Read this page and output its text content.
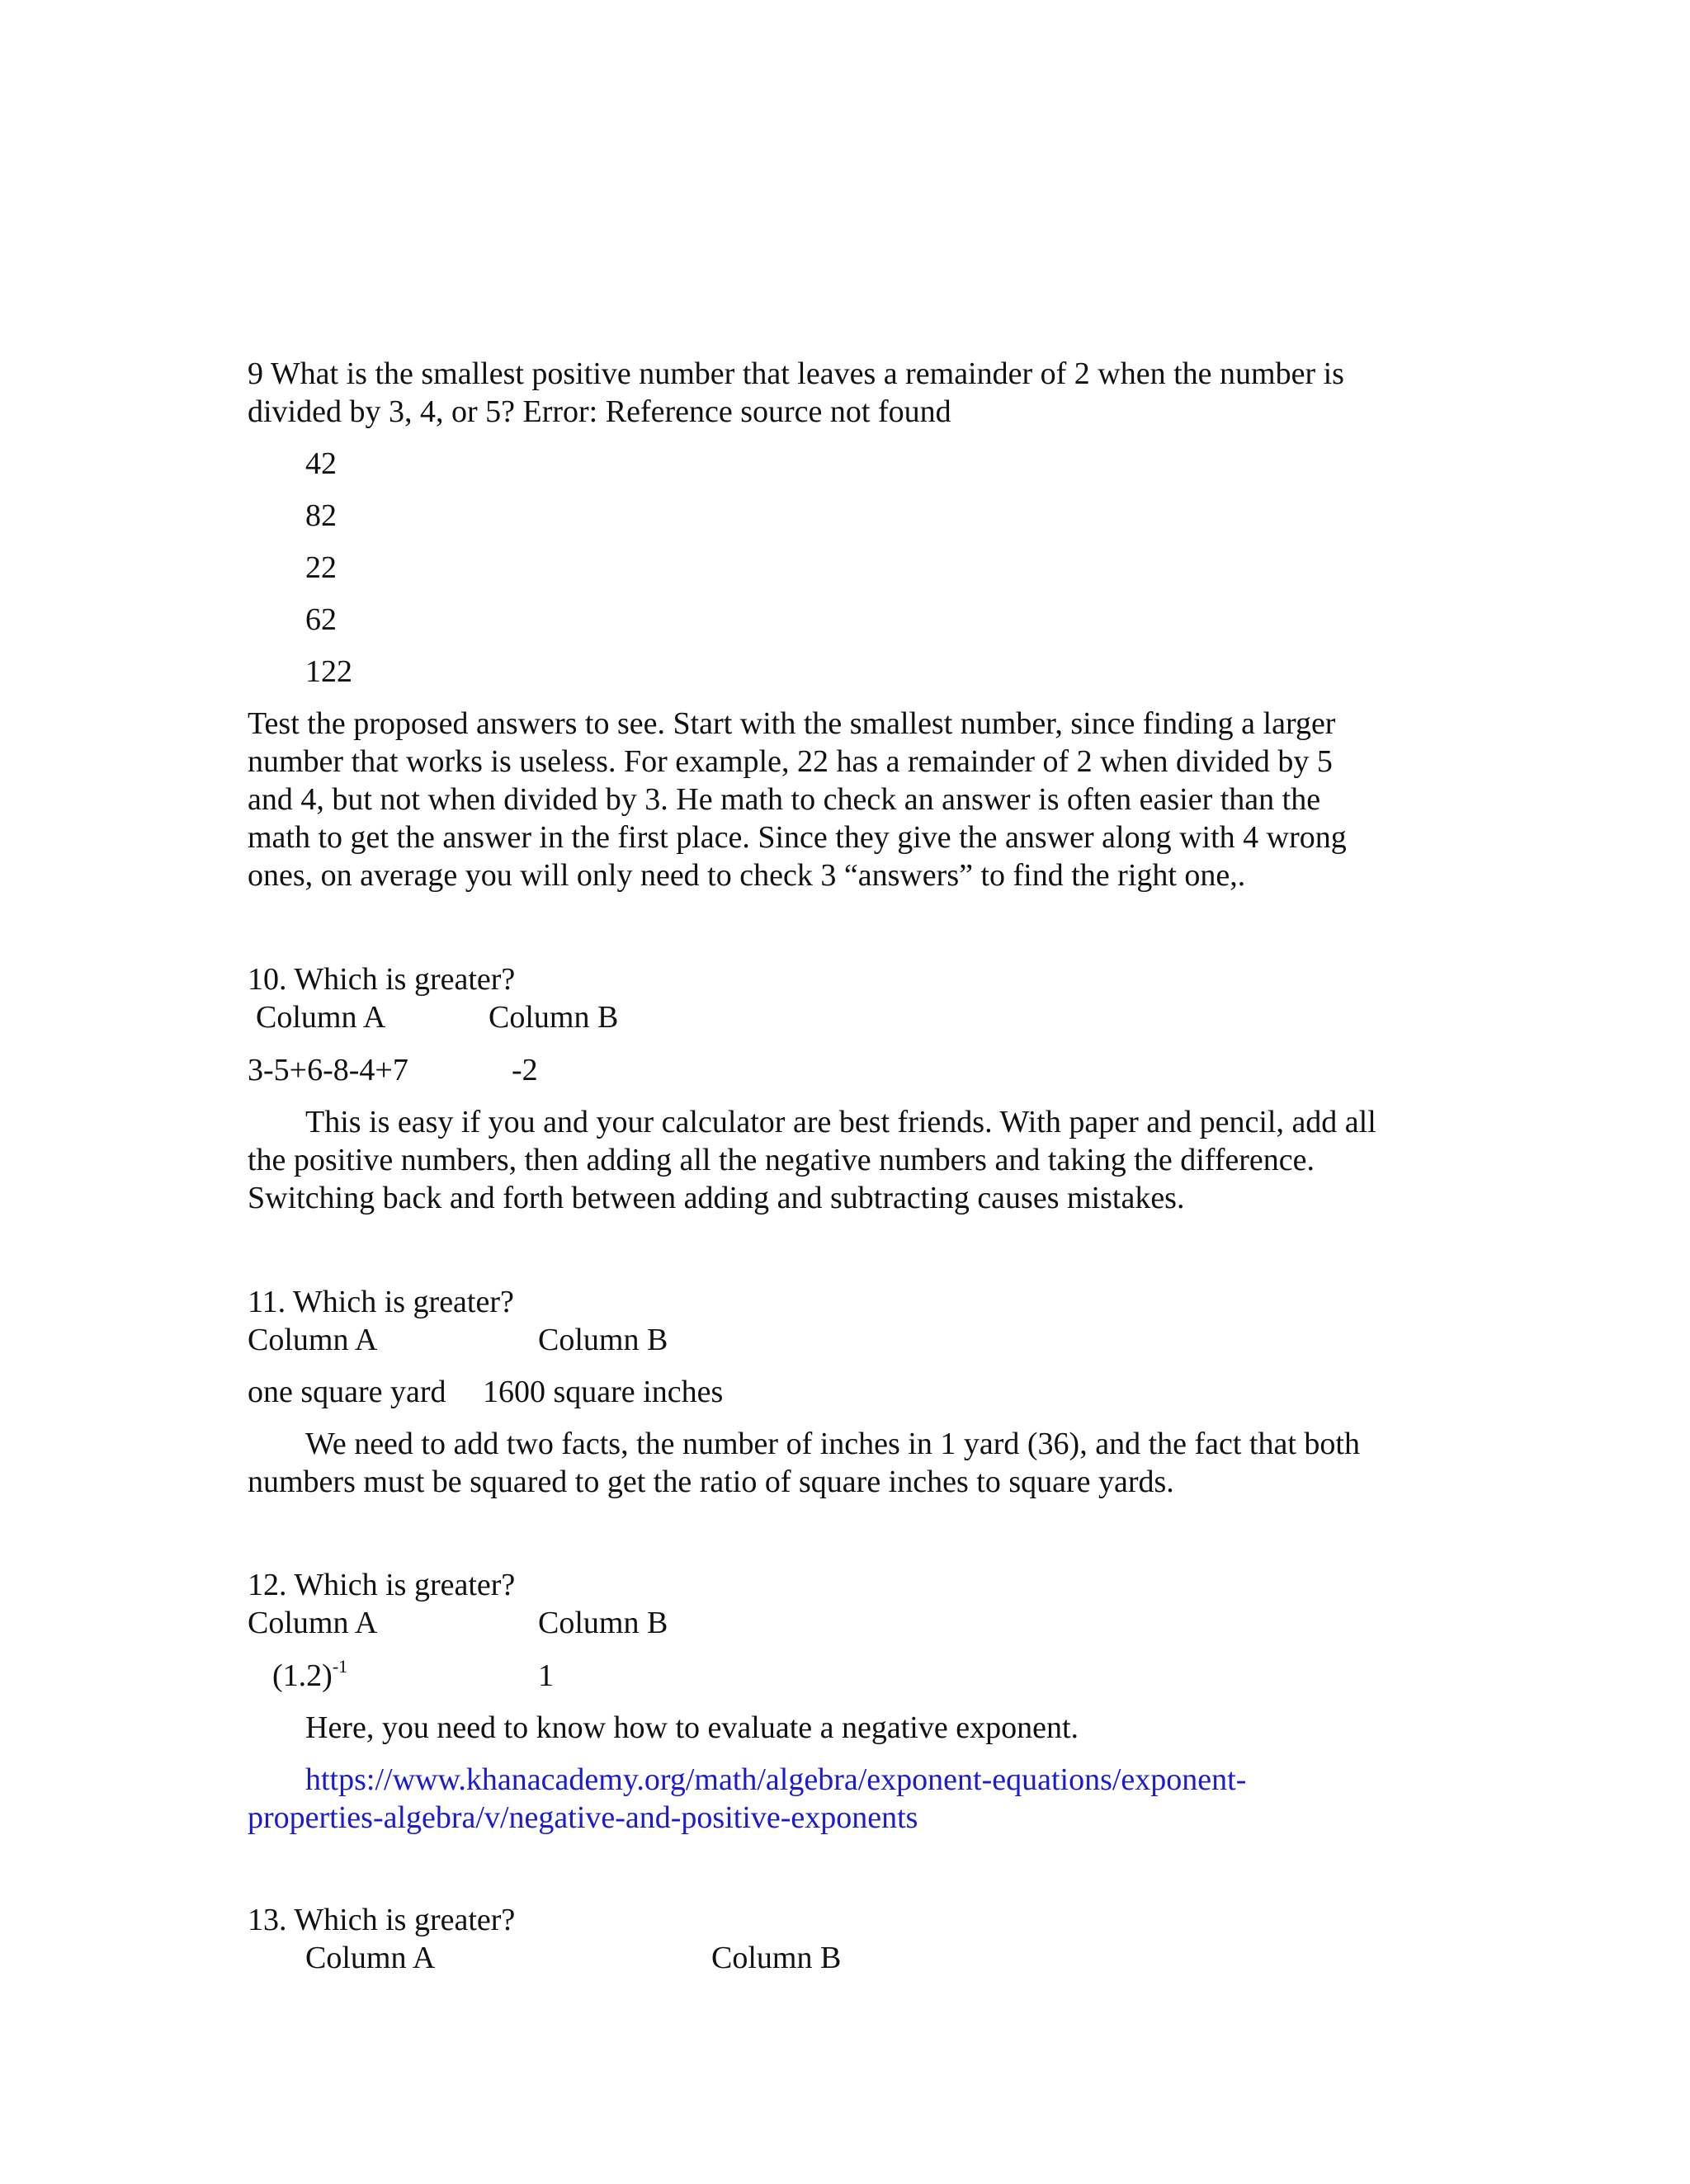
9 What is the smallest positive number that leaves a remainder of 2 when the number is
divided by 3, 4, or 5? Error: Reference source not found
42
82
22
62
122
Test the proposed answers to see. Start with the smallest number, since finding a larger
number that works is useless. For example, 22 has a remainder of 2 when divided by 5
and 4, but not when divided by 3. He math to check an answer is often easier than the
math to get the answer in the first place. Since they give the answer along with 4 wrong
ones, on average you will only need to check 3 “answers” to find the right one,.
10. Which is greater?
Column A	Column B
3-5+6-8-4+7	-2
This is easy if you and your calculator are best friends. With paper and pencil, add all
the positive numbers, then adding all the negative numbers and taking the difference.
Switching back and forth between adding and subtracting causes mistakes.
11. Which is greater?
Column A	Column B
one square yard 1600 square inches
We need to add two facts, the number of inches in 1 yard (36), and the fact that both
numbers must be squared to get the ratio of square inches to square yards.
12. Which is greater?
Column A	Column B
$(1.2)^{-1}$	1
Here, you need to know how to evaluate a negative exponent.
https://www.khanacademy.org/math/algebra/exponent-equations/exponent-
properties-algebra/v/negative-and-positive-exponents
13. Which is greater?
Column A	Column B
